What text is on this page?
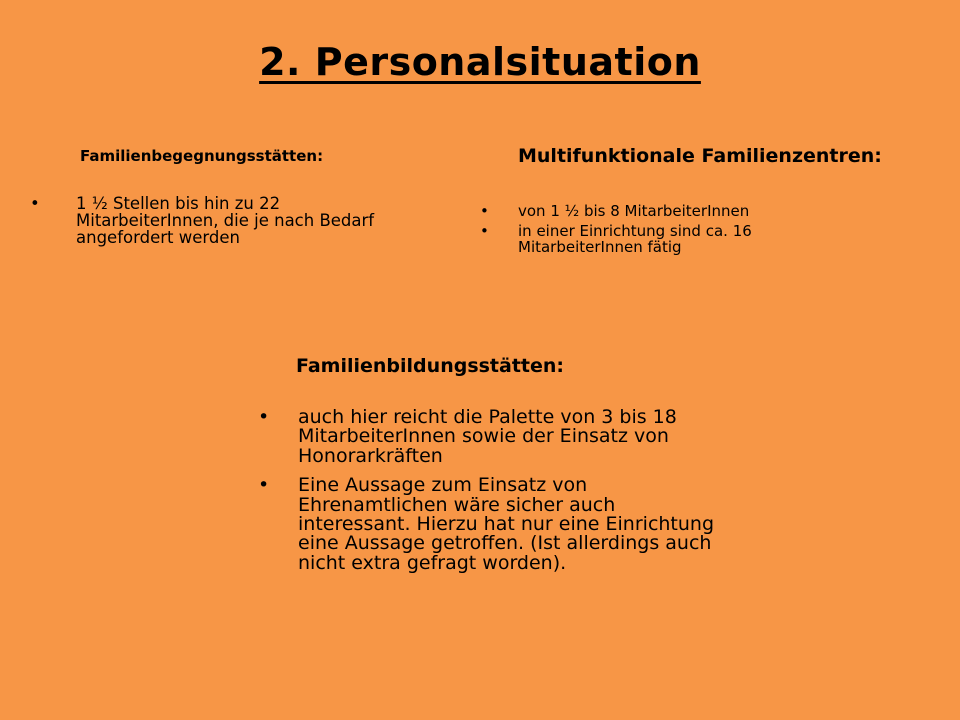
2. Personalsituation

Familienbegegnungsstätten:

• 1 ½ Stellen bis hin zu 22 MitarbeiterInnen, die je nach Bedarf angefordert werden

Multifunktionale Familienzentren:

• von 1 ½ bis 8 MitarbeiterInnen
• in einer Einrichtung sind ca. 16 MitarbeiterInnen fätig

Familienbildungsstätten:

• auch hier reicht die Palette von 3 bis 18 MitarbeiterInnen sowie der Einsatz von Honorarkräften
• Eine Aussage zum Einsatz von Ehrenamtlichen wäre sicher auch interessant. Hierzu hat nur eine Einrichtung eine Aussage getroffen. (Ist allerdings auch nicht extra gefragt worden).
